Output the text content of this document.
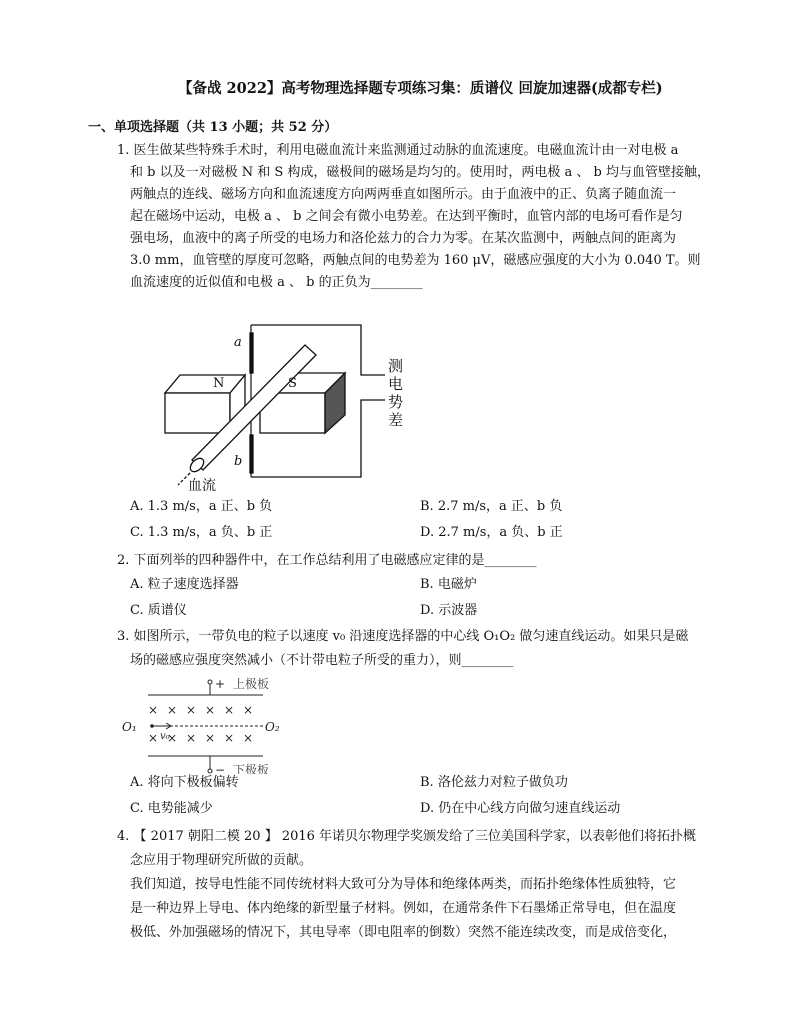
【备战 2022】高考物理选择题专项练习集：质谱仪 回旋加速器(成都专栏)
一、单项选择题（共 13 小题；共 52 分）
1. 医生做某些特殊手术时，利用电磁血流计来监测通过动脉的血流速度。电磁血流计由一对电极 a
和 b 以及一对磁极 N 和 S 构成，磁极间的磁场是均匀的。使用时，两电极 a 、 b 均与血管壁接触，
两触点的连线、磁场方向和血流速度方向两两垂直如图所示。由于血液中的正、负离子随血流一
起在磁场中运动，电极 a 、 b 之间会有微小电势差。在达到平衡时，血管内部的电场可看作是匀
强电场，血液中的离子所受的电场力和洛伦兹力的合力为零。在某次监测中，两触点间的距离为
3.0 mm，血管壁的厚度可忽略，两触点间的电势差为 160 μV，磁感应强度的大小为 0.040 T。则
血流速度的近似值和电极 a 、 b 的正负为________
a
b
N	S
测
电
势
差
血流
A. 1.3 m/s，a 正、b 负	B. 2.7 m/s，a 正、b 负
C. 1.3 m/s，a 负、b 正	D. 2.7 m/s，a 负、b 正
2. 下面列举的四种器件中，在工作总结利用了电磁感应定律的是________
A. 粒子速度选择器	B. 电磁炉
C. 质谱仪	D. 示波器
3. 如图所示，一带负电的粒子以速度 v₀ 沿速度选择器的中心线 O₁O₂ 做匀速直线运动。如果只是磁
场的磁感应强度突然减小（不计带电粒子所受的重力），则________
× × × × × ×
× × × × × ×
+ 上极板
− 下极板
O₁	O₂
v₀
A. 将向下极板偏转	B. 洛伦兹力对粒子做负功
C. 电势能减少	D. 仍在中心线方向做匀速直线运动
4. 【 2017 朝阳二模 20 】 2016 年诺贝尔物理学奖颁发给了三位美国科学家，以表彰他们将拓扑概
念应用于物理研究所做的贡献。
我们知道，按导电性能不同传统材料大致可分为导体和绝缘体两类，而拓扑绝缘体性质独特，它
是一种边界上导电、体内绝缘的新型量子材料。例如，在通常条件下石墨烯正常导电，但在温度
极低、外加强磁场的情况下，其电导率（即电阻率的倒数）突然不能连续改变，而是成倍变化，
